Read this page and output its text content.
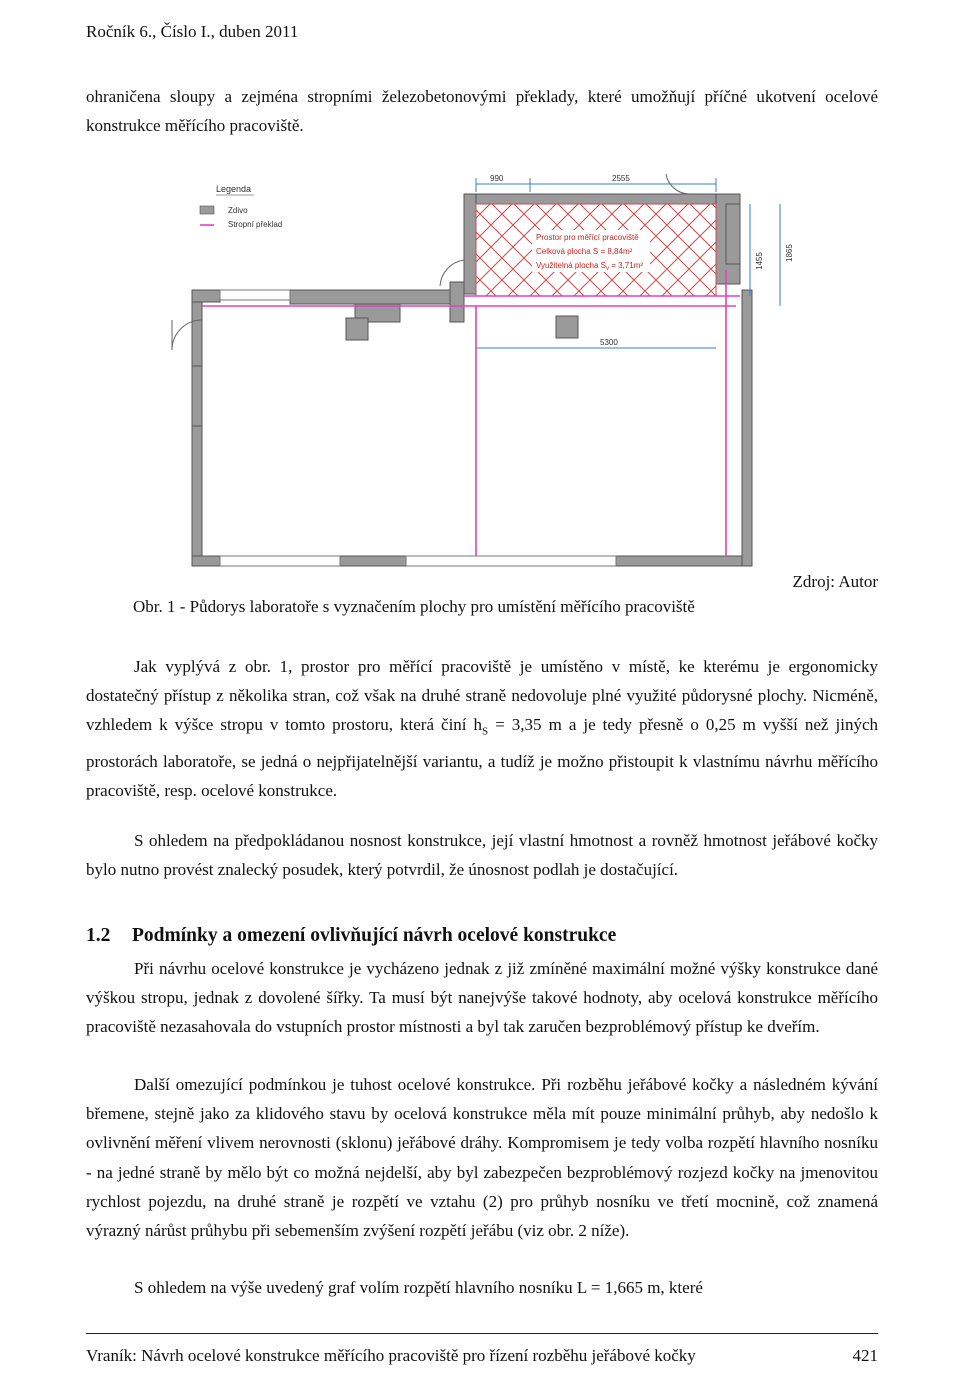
Ročník 6., Číslo I., duben 2011

ohraničena sloupy a zejména stropními železobetonovými překlady, které umožňují příčné ukotvení ocelové konstrukce měřícího pracoviště.

990	2555
5300
1455	1865
Prostor pro měřící pracoviště
Celková plocha S = 8,84m²
Využitelná plocha $S_v = 3,71m^2$
Legenda
Zdivo
Stropní překlad
Zdroj: Autor
Obr. 1 - Půdorys laboratoře s vyznačením plochy pro umístění měřícího pracoviště

Jak vyplývá z obr. 1, prostor pro měřící pracoviště je umístěno v místě, ke kterému je ergonomicky dostatečný přístup z několika stran, což však na druhé straně nedovoluje plné využité půdorysné plochy. Nicméně, vzhledem k výšce stropu v tomto prostoru, která činí $h_S = 3,35$ m a je tedy přesně o 0,25 m vyšší než jiných prostorách laboratoře, se jedná o nejpřijatelnější variantu, a tudíž je možno přistoupit k vlastnímu návrhu měřícího pracoviště, resp. ocelové konstrukce.

S ohledem na předpokládanou nosnost konstrukce, její vlastní hmotnost a rovněž hmotnost jeřábové kočky bylo nutno provést znalecký posudek, který potvrdil, že únosnost podlah je dostačující.

1.2 Podmínky a omezení ovlivňující návrh ocelové konstrukce

Při návrhu ocelové konstrukce je vycházeno jednak z již zmíněné maximální možné výšky konstrukce dané výškou stropu, jednak z dovolené šířky. Ta musí být nanejvýše takové hodnoty, aby ocelová konstrukce měřícího pracoviště nezasahovala do vstupních prostor místnosti a byl tak zaručen bezproblémový přístup ke dveřím.

Další omezující podmínkou je tuhost ocelové konstrukce. Při rozběhu jeřábové kočky a následném kývání břemene, stejně jako za klidového stavu by ocelová konstrukce měla mít pouze minimální průhyb, aby nedošlo k ovlivnění měření vlivem nerovnosti (sklonu) jeřábové dráhy. Kompromisem je tedy volba rozpětí hlavního nosníku - na jedné straně by mělo být co možná nejdelší, aby byl zabezpečen bezproblémový rozjezd kočky na jmenovitou rychlost pojezdu, na druhé straně je rozpětí ve vztahu (2) pro průhyb nosníku ve třetí mocnině, což znamená výrazný nárůst průhybu při sebemenším zvýšení rozpětí jeřábu (viz obr. 2 níže).

S ohledem na výše uvedený graf volím rozpětí hlavního nosníku L = 1,665 m, které

Vraník: Návrh ocelové konstrukce měřícího pracoviště pro řízení rozběhu jeřábové kočky	421
